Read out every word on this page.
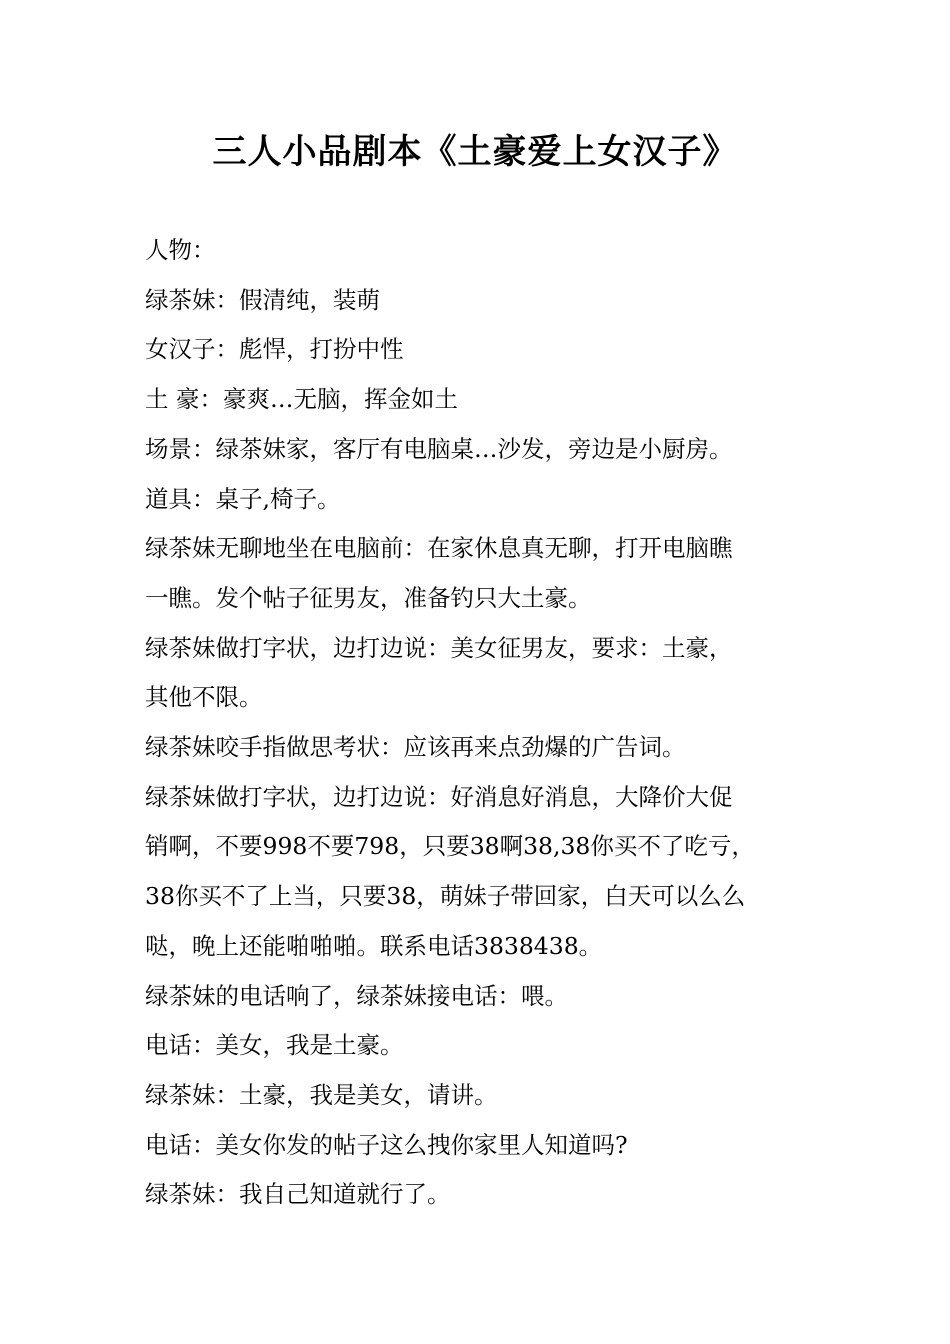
三人小品剧本《土豪爱上女汉子》

人物：

绿茶妹：假清纯，装萌

女汉子：彪悍，打扮中性

土 豪：豪爽…无脑，挥金如土

场景：绿茶妹家，客厅有电脑桌…沙发，旁边是小厨房。

道具：桌子,椅子。

绿茶妹无聊地坐在电脑前：在家休息真无聊，打开电脑瞧

一瞧。发个帖子征男友，准备钓只大土豪。

绿茶妹做打字状，边打边说：美女征男友，要求：土豪，

其他不限。

绿茶妹咬手指做思考状：应该再来点劲爆的广告词。

绿茶妹做打字状，边打边说：好消息好消息，大降价大促

销啊，不要998不要798，只要38啊38,38你买不了吃亏，

38你买不了上当，只要38，萌妹子带回家，白天可以么么

哒，晚上还能啪啪啪。联系电话3838438。

绿茶妹的电话响了，绿茶妹接电话：喂。

电话：美女，我是土豪。

绿茶妹：土豪，我是美女，请讲。

电话：美女你发的帖子这么拽你家里人知道吗?

绿茶妹：我自己知道就行了。
